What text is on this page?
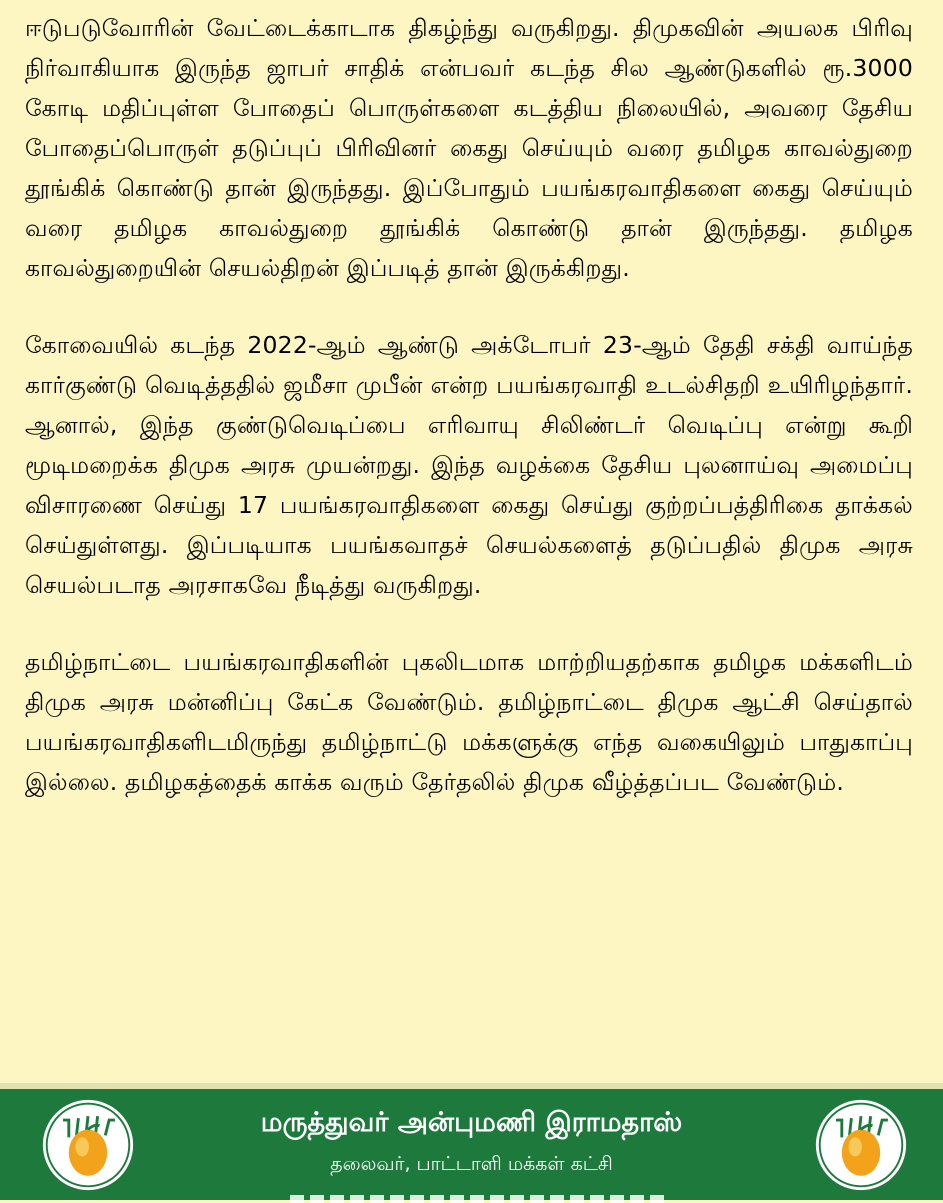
ஈடுபடுவோரின் வேட்டைக்காடாக திகழ்ந்து வருகிறது. திமுகவின் அயலக பிரிவு நிர்வாகியாக இருந்த ஜாபர் சாதிக் என்பவர் கடந்த சில ஆண்டுகளில் ரூ.3000 கோடி மதிப்புள்ள போதைப் பொருள்களை கடத்திய நிலையில், அவரை தேசிய போதைப்பொருள் தடுப்புப் பிரிவினர் கைது செய்யும் வரை தமிழக காவல்துறை தூங்கிக் கொண்டு தான் இருந்தது. இப்போதும் பயங்கரவாதிகளை கைது செய்யும் வரை தமிழக காவல்துறை தூங்கிக் கொண்டு தான் இருந்தது. தமிழக காவல்துறையின் செயல்திறன் இப்படித் தான் இருக்கிறது.

கோவையில் கடந்த 2022-ஆம் ஆண்டு அக்டோபர் 23-ஆம் தேதி சக்தி வாய்ந்த கார்குண்டு வெடித்ததில் ஜமீசா முபீன் என்ற பயங்கரவாதி உடல்சிதறி உயிரிழந்தார். ஆனால், இந்த குண்டுவெடிப்பை எரிவாயு சிலிண்டர் வெடிப்பு என்று கூறி மூடிமறைக்க திமுக அரசு முயன்றது. இந்த வழக்கை தேசிய புலனாய்வு அமைப்பு விசாரணை செய்து 17 பயங்கரவாதிகளை கைது செய்து குற்றப்பத்திரிகை தாக்கல் செய்துள்ளது. இப்படியாக பயங்கவாதச் செயல்களைத் தடுப்பதில் திமுக அரசு செயல்படாத அரசாகவே நீடித்து வருகிறது.

தமிழ்நாட்டை பயங்கரவாதிகளின் புகலிடமாக மாற்றியதற்காக தமிழக மக்களிடம் திமுக அரசு மன்னிப்பு கேட்க வேண்டும். தமிழ்நாட்டை திமுக ஆட்சி செய்தால் பயங்கரவாதிகளிடமிருந்து தமிழ்நாட்டு மக்களுக்கு எந்த வகையிலும் பாதுகாப்பு இல்லை. தமிழகத்தைக் காக்க வரும் தேர்தலில் திமுக வீழ்த்தப்பட வேண்டும்.

மருத்துவர் அன்புமணி இராமதாஸ்
தலைவர், பாட்டாளி மக்கள் கட்சி
